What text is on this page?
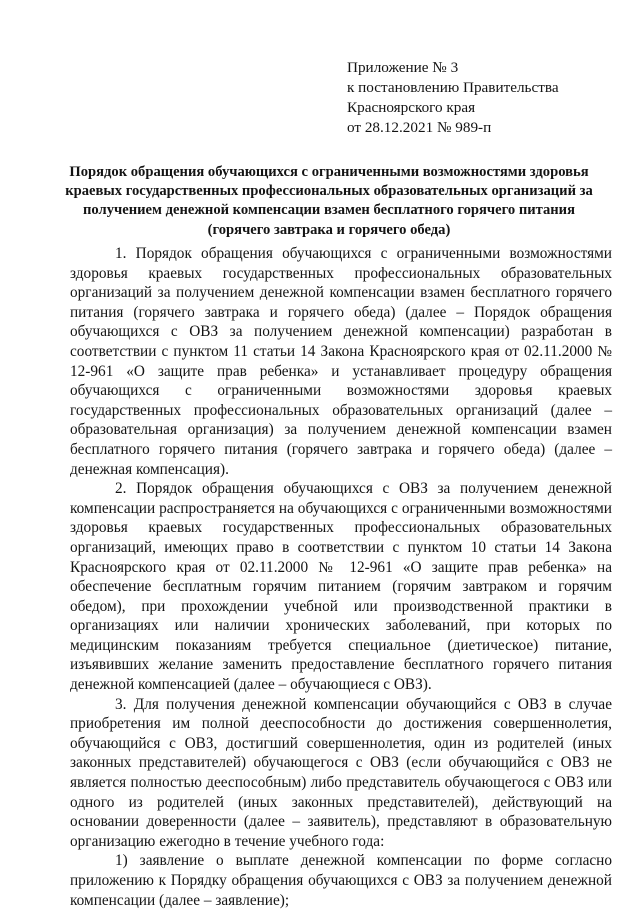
Приложение № 3
к постановлению Правительства
Красноярского края
от 28.12.2021 № 989-п
Порядок обращения обучающихся с ограниченными возможностями здоровья краевых государственных профессиональных образовательных организаций за получением денежной компенсации взамен бесплатного горячего питания (горячего завтрака и горячего обеда)

1. Порядок обращения обучающихся с ограниченными возможностями здоровья краевых государственных профессиональных образовательных организаций за получением денежной компенсации взамен бесплатного горячего питания (горячего завтрака и горячего обеда) (далее – Порядок обращения обучающихся с ОВЗ за получением денежной компенсации) разработан в соответствии с пунктом 11 статьи 14 Закона Красноярского края от 02.11.2000 № 12-961 «О защите прав ребенка» и устанавливает процедуру обращения обучающихся с ограниченными возможностями здоровья краевых государственных профессиональных образовательных организаций (далее – образовательная организация) за получением денежной компенсации взамен бесплатного горячего питания (горячего завтрака и горячего обеда) (далее – денежная компенсация).

2. Порядок обращения обучающихся с ОВЗ за получением денежной компенсации распространяется на обучающихся с ограниченными возможностями здоровья краевых государственных профессиональных образовательных организаций, имеющих право в соответствии с пунктом 10 статьи 14 Закона Красноярского края от 02.11.2000 № 12-961 «О защите прав ребенка» на обеспечение бесплатным горячим питанием (горячим завтраком и горячим обедом), при прохождении учебной или производственной практики в организациях или наличии хронических заболеваний, при которых по медицинским показаниям требуется специальное (диетическое) питание, изъявивших желание заменить предоставление бесплатного горячего питания денежной компенсацией (далее – обучающиеся с ОВЗ).

3. Для получения денежной компенсации обучающийся с ОВЗ в случае приобретения им полной дееспособности до достижения совершеннолетия, обучающийся с ОВЗ, достигший совершеннолетия, один из родителей (иных законных представителей) обучающегося с ОВЗ (если обучающийся с ОВЗ не является полностью дееспособным) либо представитель обучающегося с ОВЗ или одного из родителей (иных законных представителей), действующий на основании доверенности (далее – заявитель), представляют в образовательную организацию ежегодно в течение учебного года:

1) заявление о выплате денежной компенсации по форме согласно приложению к Порядку обращения обучающихся с ОВЗ за получением денежной компенсации (далее – заявление);
